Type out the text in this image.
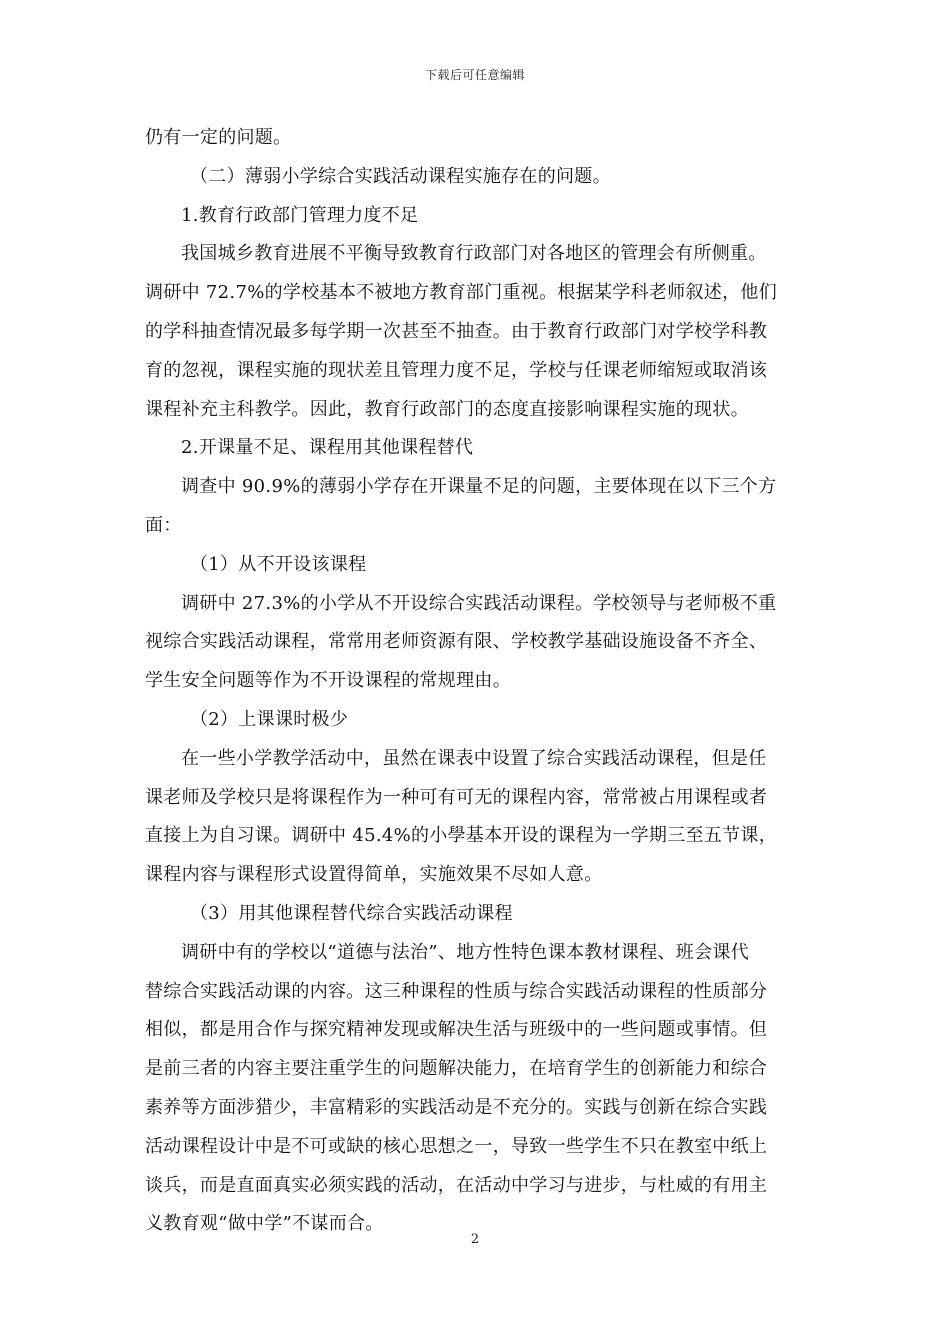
下载后可任意编辑
仍有一定的问题。
（二）薄弱小学综合实践活动课程实施存在的问题。
1.教育行政部门管理力度不足
我国城乡教育进展不平衡导致教育行政部门对各地区的管理会有所侧重。
调研中 72.7%的学校基本不被地方教育部门重视。根据某学科老师叙述，他们
的学科抽查情况最多每学期一次甚至不抽查。由于教育行政部门对学校学科教
育的忽视，课程实施的现状差且管理力度不足，学校与任课老师缩短或取消该
课程补充主科教学。因此，教育行政部门的态度直接影响课程实施的现状。
2.开课量不足、课程用其他课程替代
调查中 90.9%的薄弱小学存在开课量不足的问题，主要体现在以下三个方
面：
（1）从不开设该课程
调研中 27.3%的小学从不开设综合实践活动课程。学校领导与老师极不重
视综合实践活动课程，常常用老师资源有限、学校教学基础设施设备不齐全、
学生安全问题等作为不开设课程的常规理由。
（2）上课课时极少
在一些小学教学活动中，虽然在课表中设置了综合实践活动课程，但是任
课老师及学校只是将课程作为一种可有可无的课程内容，常常被占用课程或者
直接上为自习课。调研中 45.4%的小學基本开设的课程为一学期三至五节课，
课程内容与课程形式设置得简单，实施效果不尽如人意。
（3）用其他课程替代综合实践活动课程
调研中有的学校以“道德与法治”、地方性特色课本教材课程、班会课代
替综合实践活动课的内容。这三种课程的性质与综合实践活动课程的性质部分
相似，都是用合作与探究精神发现或解决生活与班级中的一些问题或事情。但
是前三者的内容主要注重学生的问题解决能力，在培育学生的创新能力和综合
素养等方面涉猎少，丰富精彩的实践活动是不充分的。实践与创新在综合实践
活动课程设计中是不可或缺的核心思想之一，导致一些学生不只在教室中纸上
谈兵，而是直面真实必须实践的活动，在活动中学习与进步，与杜威的有用主
义教育观“做中学”不谋而合。
2
